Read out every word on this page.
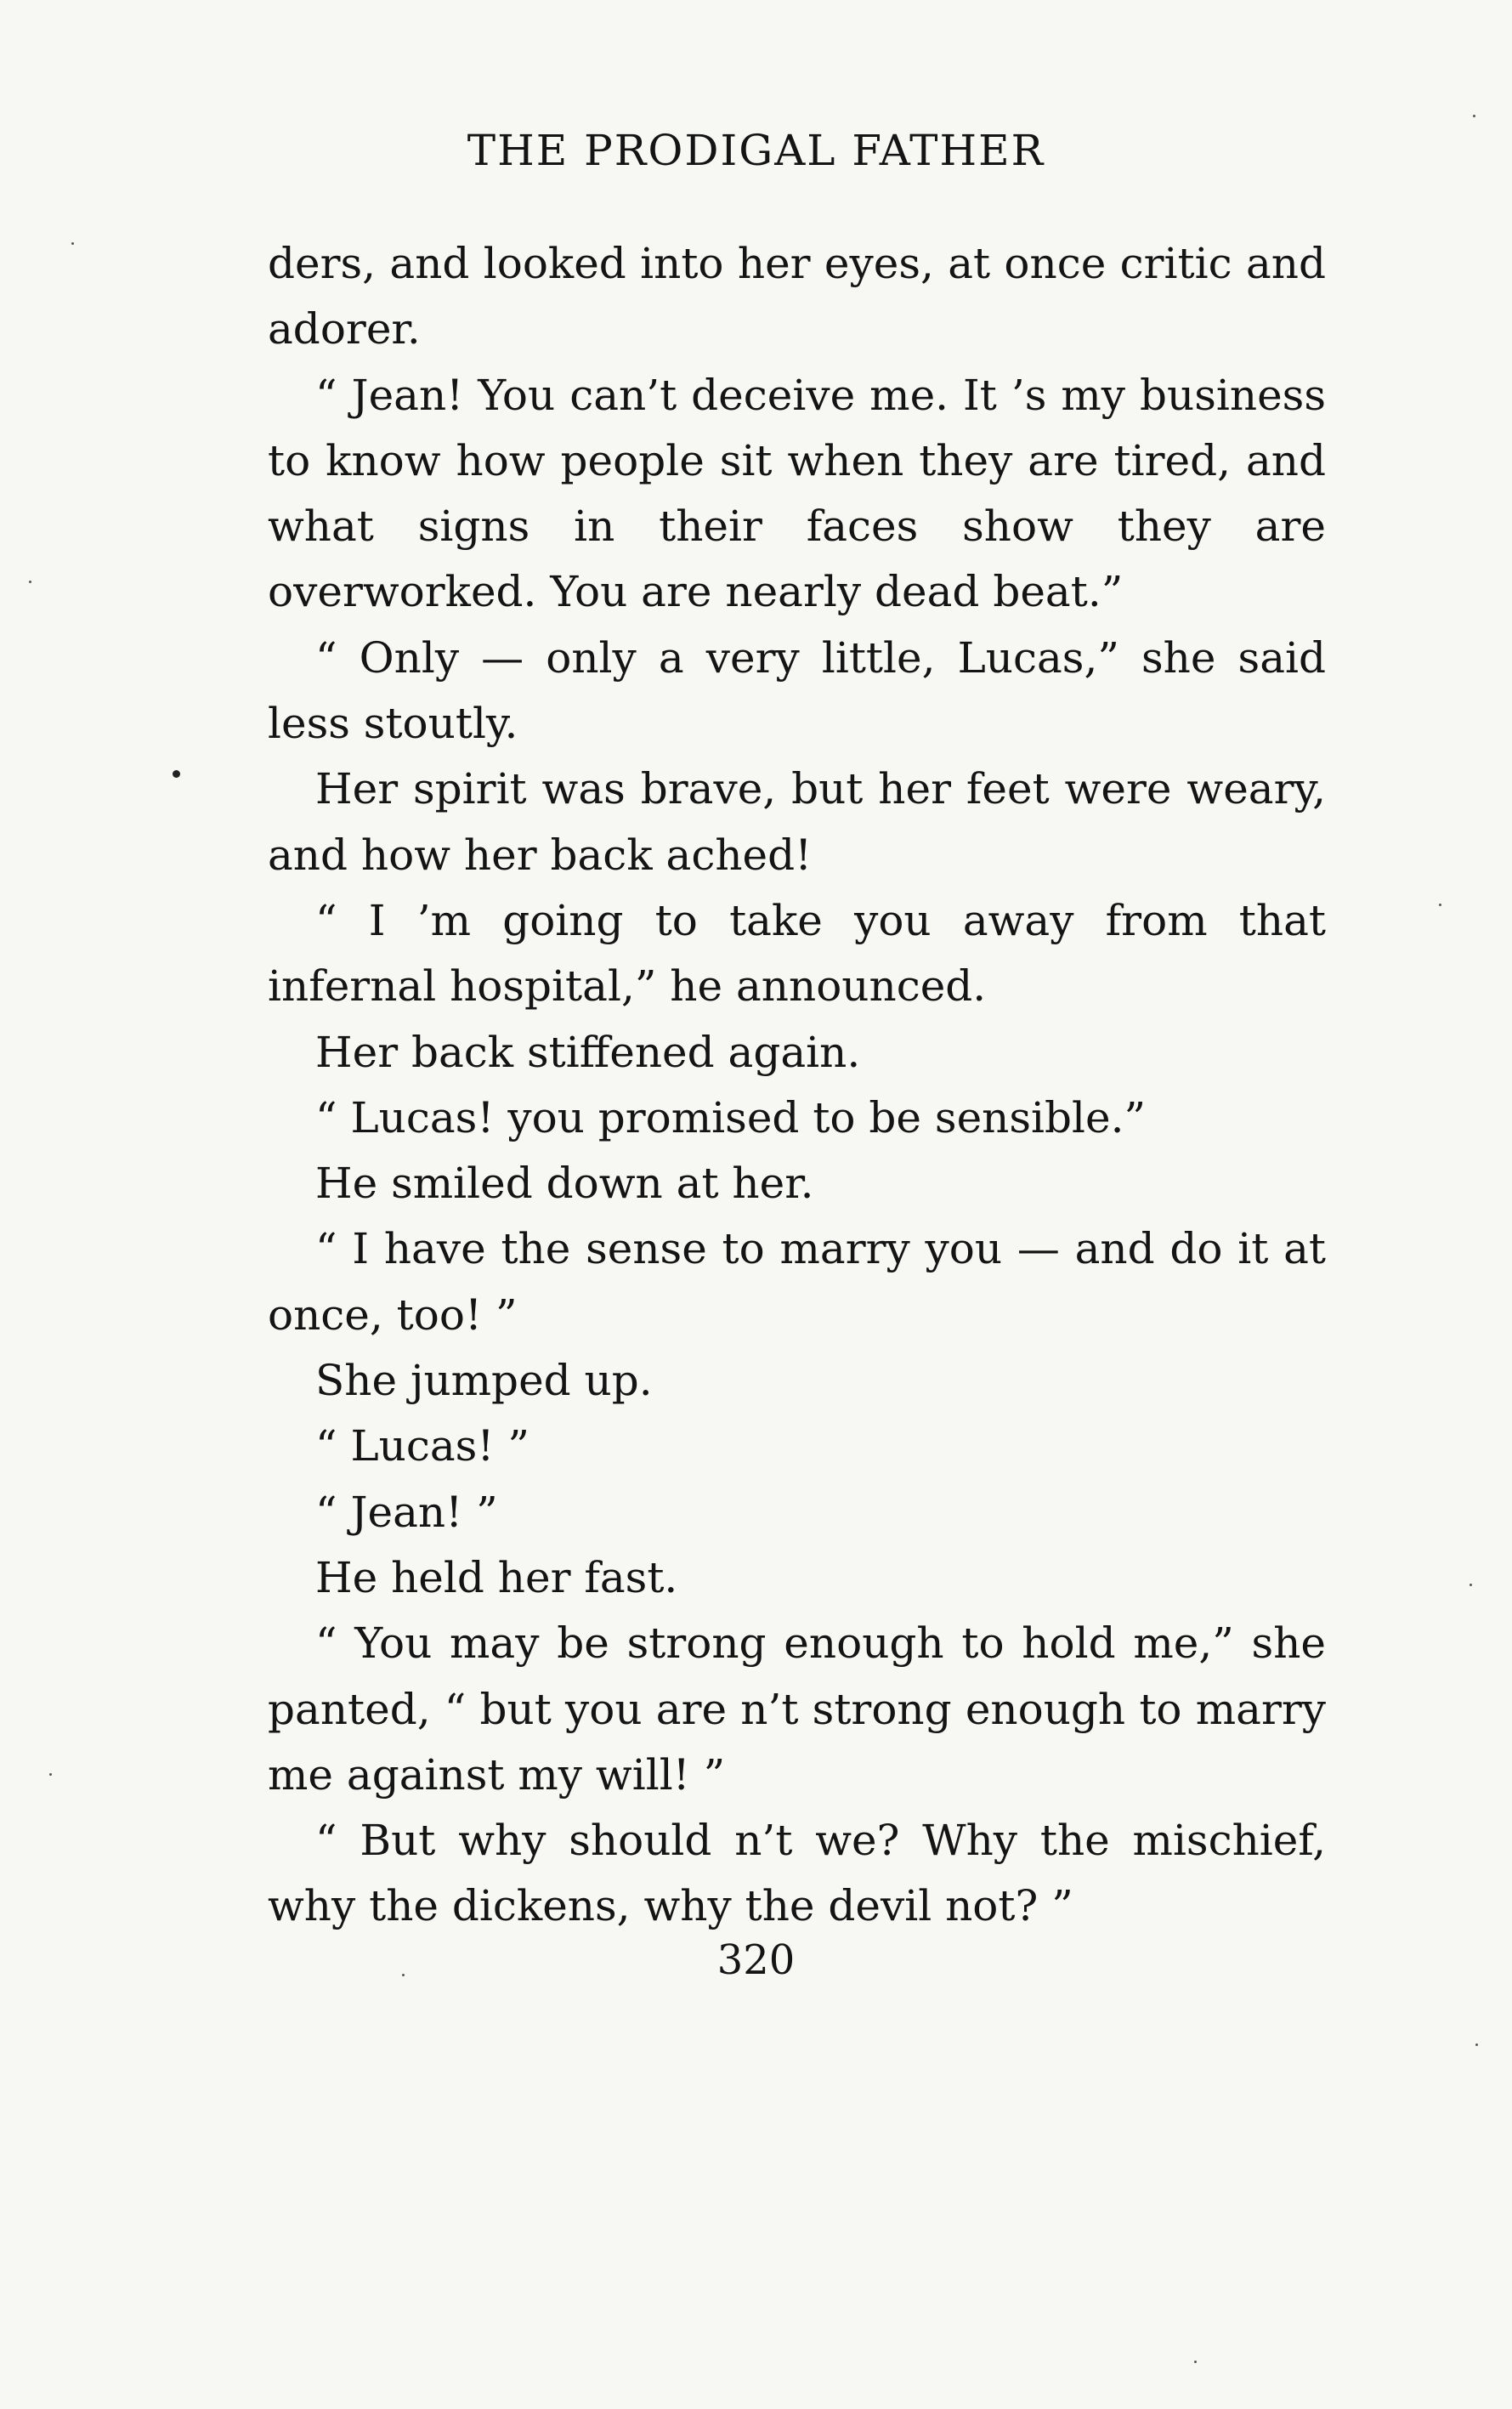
THE PRODIGAL FATHER

ders, and looked into her eyes, at once critic and adorer.

“ Jean! You can’t deceive me. It ’s my business to know how people sit when they are tired, and what signs in their faces show they are overworked. You are nearly dead beat.”

“ Only — only a very little, Lucas,” she said less stoutly.

Her spirit was brave, but her feet were weary, and how her back ached!

“ I ’m going to take you away from that infernal hospital,” he announced.

Her back stiffened again.

“ Lucas! you promised to be sensible.”

He smiled down at her.

“ I have the sense to marry you — and do it at once, too! ”

She jumped up.

“ Lucas! ”

“ Jean! ”

He held her fast.

“ You may be strong enough to hold me,” she panted, “ but you are n’t strong enough to marry me against my will! ”

“ But why should n’t we? Why the mischief, why the dickens, why the devil not? ”

320
